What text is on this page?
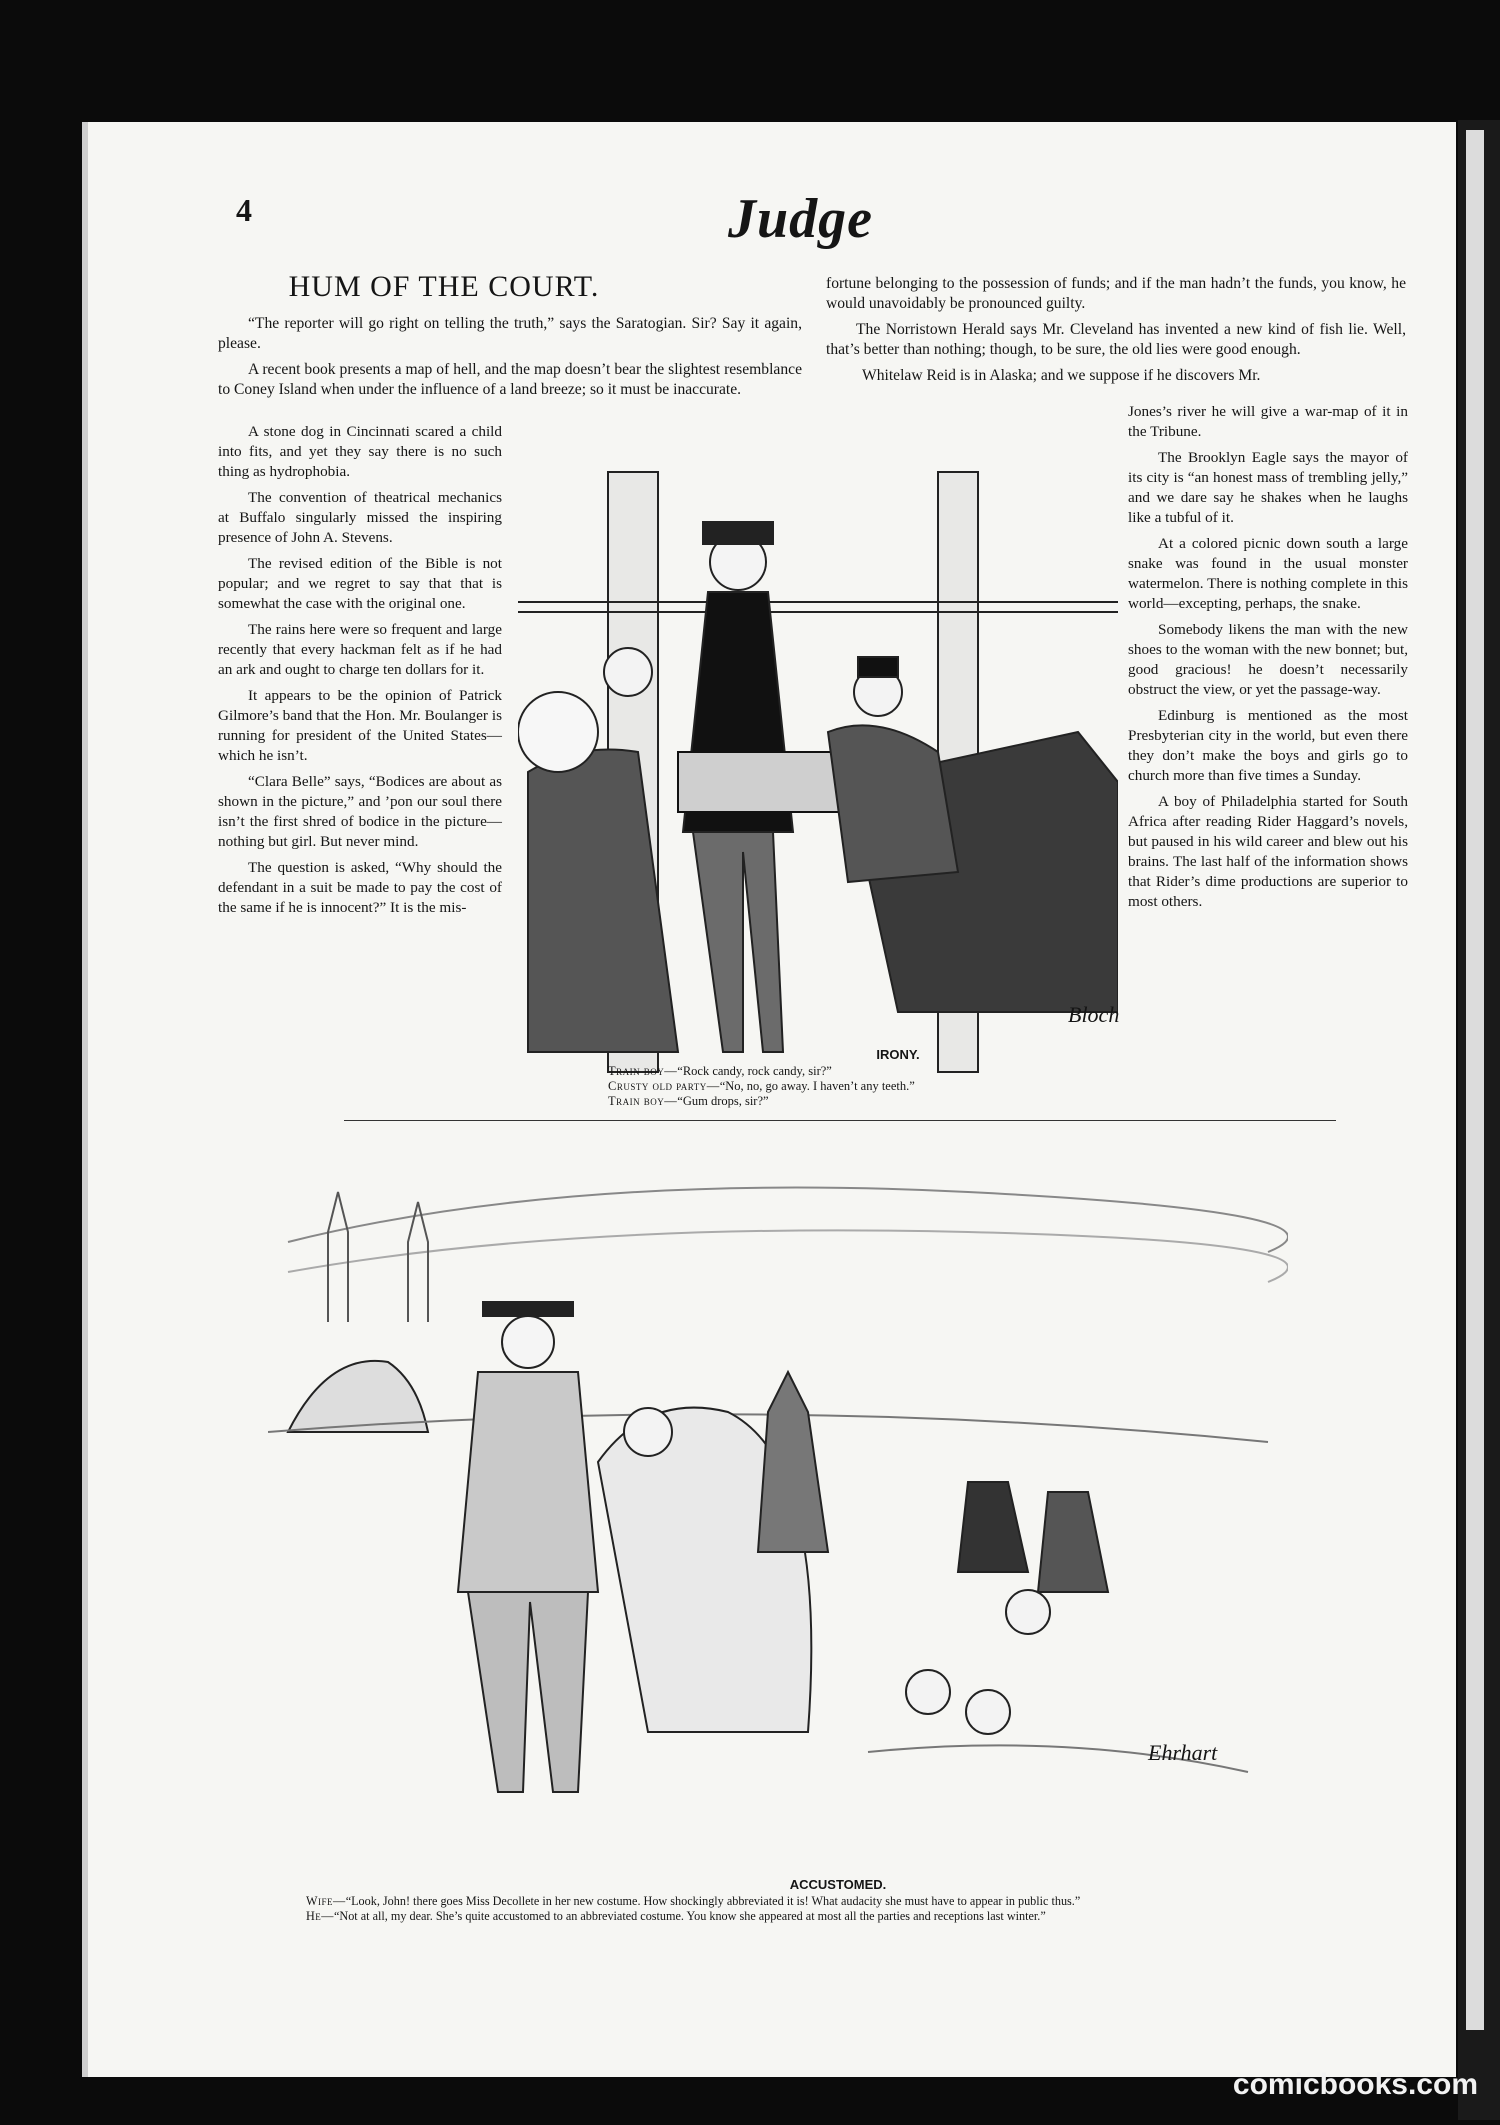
4	Judge
HUM OF THE COURT.

“The reporter will go right on telling the truth,” says the Saratogian. Sir? Say it again, please.

A recent book presents a map of hell, and the map doesn’t bear the slightest resemblance to Coney Island when under the influence of a land breeze; so it must be inaccurate.

A stone dog in Cincinnati scared a child into fits, and yet they say there is no such thing as hydrophobia.

The convention of theatrical mechanics at Buffalo singularly missed the inspiring presence of John A. Stevens.

The revised edition of the Bible is not popular; and we regret to say that that is somewhat the case with the original one.

The rains here were so frequent and large recently that every hackman felt as if he had an ark and ought to charge ten dollars for it.

It appears to be the opinion of Patrick Gilmore’s band that the Hon. Mr. Boulanger is running for president of the United States—which he isn’t.

“Clara Belle” says, “Bodices are about as shown in the picture,” and ’pon our soul there isn’t the first shred of bodice in the picture—nothing but girl. But never mind.

The question is asked, “Why should the defendant in a suit be made to pay the cost of the same if he is innocent?” It is the mis-

fortune belonging to the possession of funds; and if the man hadn’t the funds, you know, he would unavoidably be pronounced guilty.

The Norristown Herald says Mr. Cleveland has invented a new kind of fish lie. Well, that’s better than nothing; though, to be sure, the old lies were good enough.

Whitelaw Reid is in Alaska; and we suppose if he discovers Mr.

Jones’s river he will give a war-map of it in the Tribune.

The Brooklyn Eagle says the mayor of its city is “an honest mass of trembling jelly,” and we dare say he shakes when he laughs like a tubful of it.

At a colored picnic down south a large snake was found in the usual monster watermelon. There is nothing complete in this world—excepting, perhaps, the snake.

Somebody likens the man with the new shoes to the woman with the new bonnet; but, good gracious! he doesn’t necessarily obstruct the view, or yet the passage-way.

Edinburg is mentioned as the most Presbyterian city in the world, but even there they don’t make the boys and girls go to church more than five times a Sunday.

A boy of Philadelphia started for South Africa after reading Rider Haggard’s novels, but paused in his wild career and blew out his brains. The last half of the information shows that Rider’s dime productions are superior to most others.

Bloch
IRONY.
Train boy—“Rock candy, rock candy, sir?”
Crusty old party—“No, no, go away. I haven’t any teeth.”
Train boy—“Gum drops, sir?”
Ehrhart
ACCUSTOMED.
Wife—“Look, John! there goes Miss Decollete in her new costume. How shockingly abbreviated it is! What audacity she must have to appear in public thus.”
He—“Not at all, my dear. She’s quite accustomed to an abbreviated costume. You know she appeared at most all the parties and receptions last winter.”
comicbooks.com
